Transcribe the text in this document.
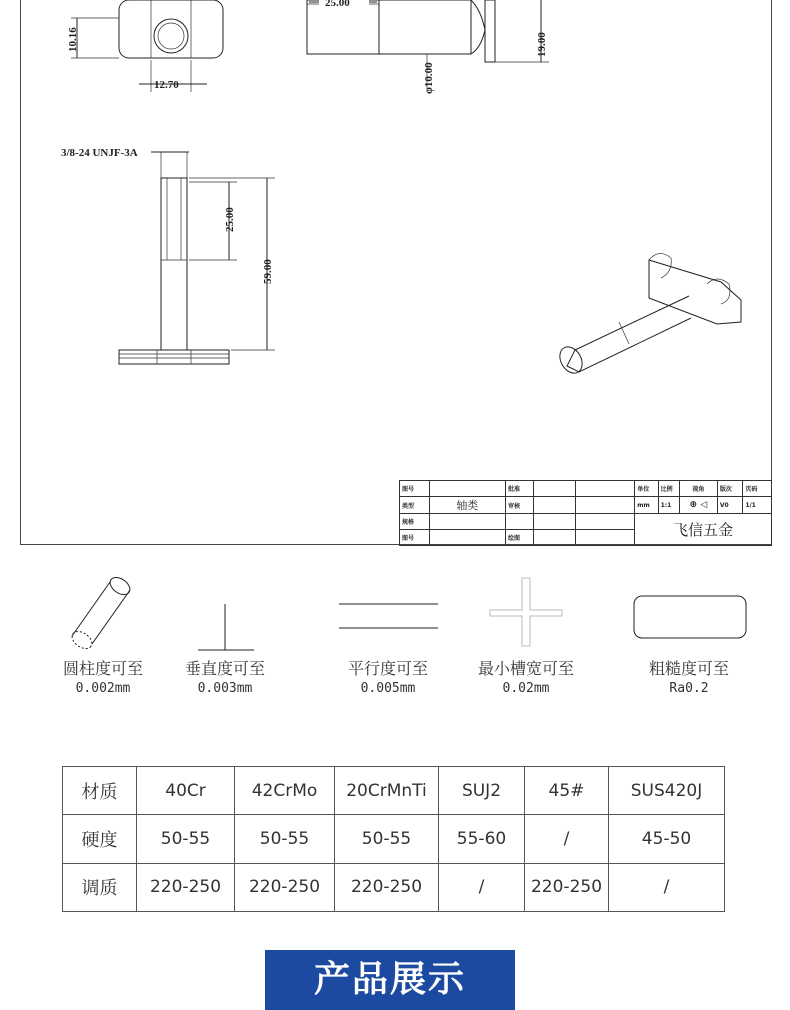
10.16
12.70
25.00
19.00
φ10.00
3/8-24 UNJF-3A
25.00
59.00
图号		批准			单位	比例	视角	版次	页码
类型	轴类	审核			mm	1:1	⊕ ◁	V0	1/1
规格					飞信五金				
图号		绘图							
圆柱度可至
0.002mm
垂直度可至
0.003mm
平行度可至
0.005mm
最小槽宽可至
0.02mm
粗糙度可至
Ra0.2
材质	40Cr	42CrMo	20CrMnTi	SUJ2	45#	SUS420J
硬度	50-55	50-55	50-55	55-60	/	45-50
调质	220-250	220-250	220-250	/	220-250	/
产品展示
